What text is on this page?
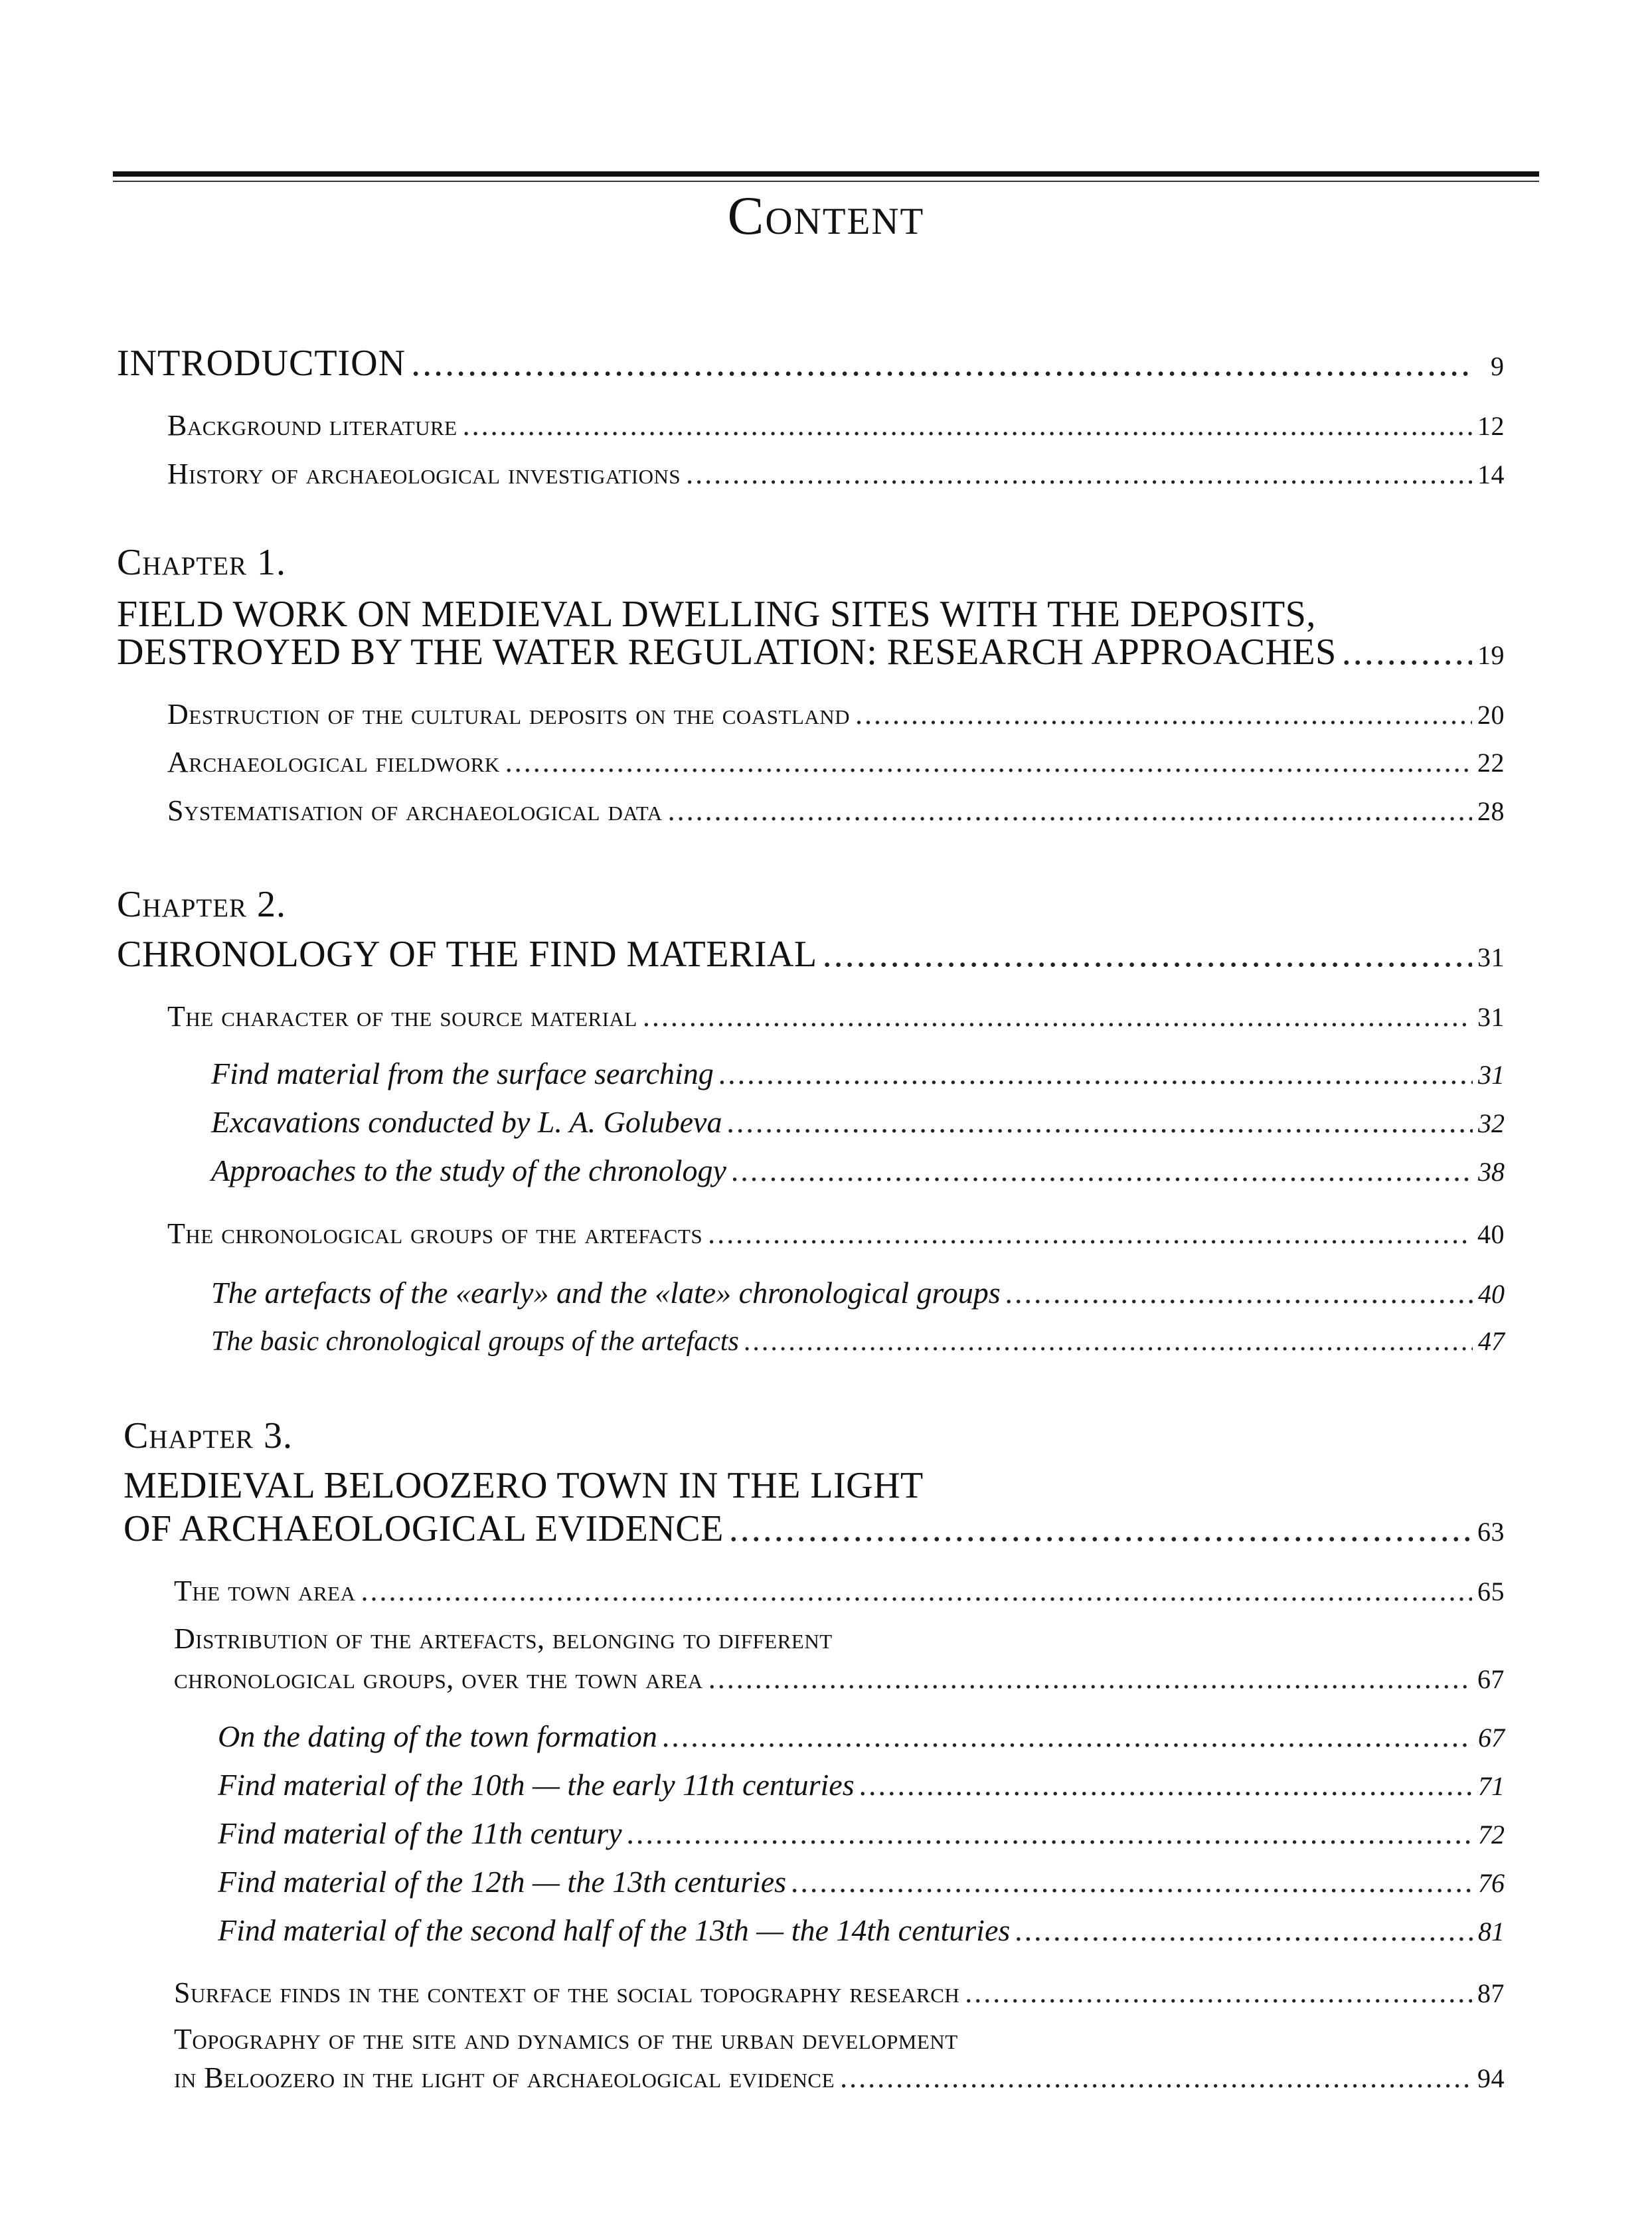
Content
INTRODUCTION .....	9
Background literature .....	12
History of archaeological investigations .....	14
Chapter 1.
FIELD WORK ON MEDIEVAL DWELLING SITES WITH THE DEPOSITS,
DESTROYED BY THE WATER REGULATION: RESEARCH APPROACHES .....	19
Destruction of the cultural deposits on the coastland .....	20
Archaeological fieldwork .....	22
Systematisation of archaeological data .....	28
Chapter 2.
CHRONOLOGY OF THE FIND MATERIAL .....	31
The character of the source material .....	31
Find material from the surface searching .....	31
Excavations conducted by L. A. Golubeva .....	32
Approaches to the study of the chronology .....	38
The chronological groups of the artefacts .....	40
The artefacts of the «early» and the «late» chronological groups .....	40
The basic chronological groups of the artefacts .....	47
Chapter 3.
MEDIEVAL BELOOZERO TOWN IN THE LIGHT
OF ARCHAEOLOGICAL EVIDENCE .....	63
The town area .....	65
Distribution of the artefacts, belonging to different
chronological groups, over the town area .....	67
On the dating of the town formation .....	67
Find material of the 10th — the early 11th centuries .....	71
Find material of the 11th century .....	72
Find material of the 12th — the 13th centuries .....	76
Find material of the second half of the 13th — the 14th centuries .....	81
Surface finds in the context of the social topography research .....	87
Topography of the site and dynamics of the urban development
in Beloozero in the light of archaeological evidence .....	94
